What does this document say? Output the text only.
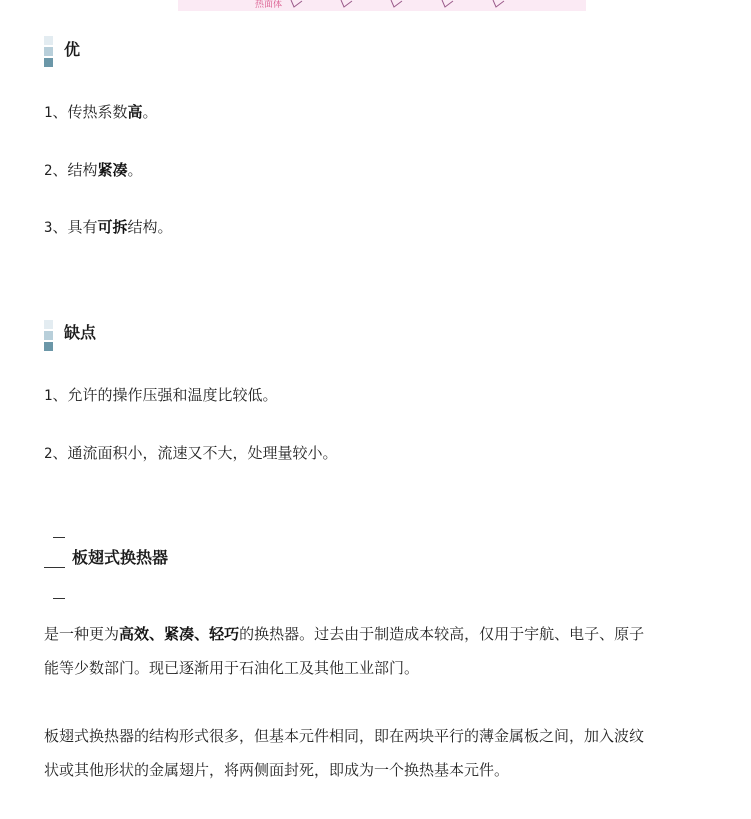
热面体
优
1、传热系数高。
2、结构紧凑。
3、具有可拆结构。
缺点
1、允许的操作压强和温度比较低。
2、通流面积小，流速又不大，处理量较小。
板翅式换热器
是一种更为高效、紧凑、轻巧的换热器。过去由于制造成本较高，仅用于宇航、电子、原子
能等少数部门。现已逐渐用于石油化工及其他工业部门。
板翅式换热器的结构形式很多，但基本元件相同，即在两块平行的薄金属板之间，加入波纹
状或其他形状的金属翅片，将两侧面封死，即成为一个换热基本元件。
